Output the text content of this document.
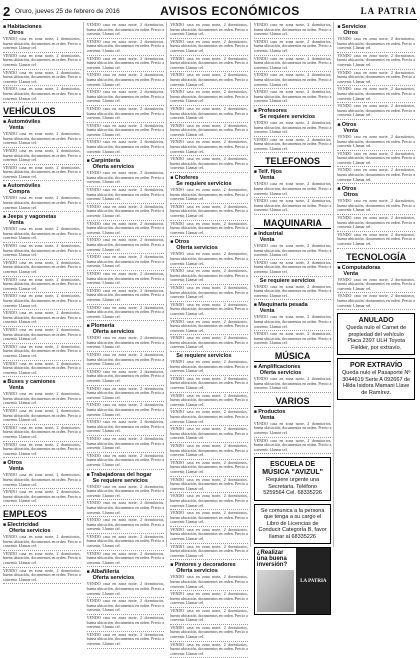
2 Oruro, jueves 25 de febrero de 2016	AVISOS ECONÓMICOS	LA PATRIA
■ Habitaciones
Otros
VENDO casa en zona norte, 2 dormitorios, buena ubicación, documentos en orden. Precio a convenir. Llamar cel.
VENDO casa en zona norte, 2 dormitorios, buena ubicación, documentos en orden. Precio a convenir. Llamar cel.
VENDO casa en zona norte, 2 dormitorios, buena ubicación, documentos en orden. Precio a convenir. Llamar cel.
VENDO casa en zona norte, 2 dormitorios, buena ubicación, documentos en orden. Precio a convenir. Llamar cel.
VEHÍCULOS
■ Automóviles
Venta
VENDO casa en zona norte, 2 dormitorios, buena ubicación, documentos en orden. Precio a convenir. Llamar cel.
VENDO casa en zona norte, 2 dormitorios, buena ubicación, documentos en orden. Precio a convenir. Llamar cel.
VENDO casa en zona norte, 2 dormitorios, buena ubicación, documentos en orden. Precio a convenir. Llamar cel.
■ Automóviles
Compra
VENDO casa en zona norte, 2 dormitorios, buena ubicación, documentos en orden. Precio a convenir. Llamar cel.
■ Jeeps y vagonetas
Venta
VENDO casa en zona norte, 2 dormitorios, buena ubicación, documentos en orden. Precio a convenir. Llamar cel.
VENDO casa en zona norte, 2 dormitorios, buena ubicación, documentos en orden. Precio a convenir. Llamar cel.
VENDO casa en zona norte, 2 dormitorios, buena ubicación, documentos en orden. Precio a convenir. Llamar cel.
VENDO casa en zona norte, 2 dormitorios, buena ubicación, documentos en orden. Precio a convenir. Llamar cel.
VENDO casa en zona norte, 2 dormitorios, buena ubicación, documentos en orden. Precio a convenir. Llamar cel.
VENDO casa en zona norte, 2 dormitorios, buena ubicación, documentos en orden. Precio a convenir. Llamar cel.
VENDO casa en zona norte, 2 dormitorios, buena ubicación, documentos en orden. Precio a convenir. Llamar cel.
VENDO casa en zona norte, 2 dormitorios, buena ubicación, documentos en orden. Precio a convenir. Llamar cel.
VENDO casa en zona norte, 2 dormitorios, buena ubicación, documentos en orden. Precio a convenir. Llamar cel.
■ Buses y camiones
Venta
VENDO casa en zona norte, 2 dormitorios, buena ubicación, documentos en orden. Precio a convenir. Llamar cel.
VENDO casa en zona norte, 2 dormitorios, buena ubicación, documentos en orden. Precio a convenir. Llamar cel.
VENDO casa en zona norte, 2 dormitorios, buena ubicación, documentos en orden. Precio a convenir. Llamar cel.
VENDO casa en zona norte, 2 dormitorios, buena ubicación, documentos en orden. Precio a convenir. Llamar cel.
■ Otros
Venta
VENDO casa en zona norte, 2 dormitorios, buena ubicación, documentos en orden. Precio a convenir. Llamar cel.
VENDO casa en zona norte, 2 dormitorios, buena ubicación, documentos en orden. Precio a convenir. Llamar cel.
EMPLEOS
■ Electricidad
Oferta servicios
VENDO casa en zona norte, 2 dormitorios, buena ubicación, documentos en orden. Precio a convenir. Llamar cel.
VENDO casa en zona norte, 2 dormitorios, buena ubicación, documentos en orden. Precio a convenir. Llamar cel.
VENDO casa en zona norte, 2 dormitorios, buena ubicación, documentos en orden. Precio a convenir. Llamar cel.
VENDO casa en zona norte, 2 dormitorios, buena ubicación, documentos en orden. Precio a convenir. Llamar cel.
VENDO casa en zona norte, 2 dormitorios, buena ubicación, documentos en orden. Precio a convenir. Llamar cel.
VENDO casa en zona norte, 2 dormitorios, buena ubicación, documentos en orden. Precio a convenir. Llamar cel.
VENDO casa en zona norte, 2 dormitorios, buena ubicación, documentos en orden. Precio a convenir. Llamar cel.
VENDO casa en zona norte, 2 dormitorios, buena ubicación, documentos en orden. Precio a convenir. Llamar cel.
VENDO casa en zona norte, 2 dormitorios, buena ubicación, documentos en orden. Precio a convenir. Llamar cel.
VENDO casa en zona norte, 2 dormitorios, buena ubicación, documentos en orden. Precio a convenir. Llamar cel.
VENDO casa en zona norte, 2 dormitorios, buena ubicación, documentos en orden. Precio a convenir. Llamar cel.
■ Carpintería
Oferta servicios
VENDO casa en zona norte, 2 dormitorios, buena ubicación, documentos en orden. Precio a convenir. Llamar cel.
VENDO casa en zona norte, 2 dormitorios, buena ubicación, documentos en orden. Precio a convenir. Llamar cel.
VENDO casa en zona norte, 2 dormitorios, buena ubicación, documentos en orden. Precio a convenir. Llamar cel.
VENDO casa en zona norte, 2 dormitorios, buena ubicación, documentos en orden. Precio a convenir. Llamar cel.
VENDO casa en zona norte, 2 dormitorios, buena ubicación, documentos en orden. Precio a convenir. Llamar cel.
VENDO casa en zona norte, 2 dormitorios, buena ubicación, documentos en orden. Precio a convenir. Llamar cel.
VENDO casa en zona norte, 2 dormitorios, buena ubicación, documentos en orden. Precio a convenir. Llamar cel.
VENDO casa en zona norte, 2 dormitorios, buena ubicación, documentos en orden. Precio a convenir. Llamar cel.
VENDO casa en zona norte, 2 dormitorios, buena ubicación, documentos en orden. Precio a convenir. Llamar cel.
■ Plomería
Oferta servicios
VENDO casa en zona norte, 2 dormitorios, buena ubicación, documentos en orden. Precio a convenir. Llamar cel.
VENDO casa en zona norte, 2 dormitorios, buena ubicación, documentos en orden. Precio a convenir. Llamar cel.
VENDO casa en zona norte, 2 dormitorios, buena ubicación, documentos en orden. Precio a convenir. Llamar cel.
VENDO casa en zona norte, 2 dormitorios, buena ubicación, documentos en orden. Precio a convenir. Llamar cel.
VENDO casa en zona norte, 2 dormitorios, buena ubicación, documentos en orden. Precio a convenir. Llamar cel.
VENDO casa en zona norte, 2 dormitorios, buena ubicación, documentos en orden. Precio a convenir. Llamar cel.
VENDO casa en zona norte, 2 dormitorios, buena ubicación, documentos en orden. Precio a convenir. Llamar cel.
VENDO casa en zona norte, 2 dormitorios, buena ubicación, documentos en orden. Precio a convenir. Llamar cel.
■ Trabajadoras del hogar
Se requiere servicios
VENDO casa en zona norte, 2 dormitorios, buena ubicación, documentos en orden. Precio a convenir. Llamar cel.
VENDO casa en zona norte, 2 dormitorios, buena ubicación, documentos en orden. Precio a convenir. Llamar cel.
VENDO casa en zona norte, 2 dormitorios, buena ubicación, documentos en orden. Precio a convenir. Llamar cel.
VENDO casa en zona norte, 2 dormitorios, buena ubicación, documentos en orden. Precio a convenir. Llamar cel.
VENDO casa en zona norte, 2 dormitorios, buena ubicación, documentos en orden. Precio a convenir. Llamar cel.
■ Albañilería
Oferta servicios
VENDO casa en zona norte, 2 dormitorios, buena ubicación, documentos en orden. Precio a convenir. Llamar cel.
VENDO casa en zona norte, 2 dormitorios, buena ubicación, documentos en orden. Precio a convenir. Llamar cel.
VENDO casa en zona norte, 2 dormitorios, buena ubicación, documentos en orden. Precio a convenir. Llamar cel.
VENDO casa en zona norte, 2 dormitorios, buena ubicación, documentos en orden. Precio a convenir. Llamar cel.
VENDO casa en zona norte, 2 dormitorios, buena ubicación, documentos en orden. Precio a convenir. Llamar cel.
VENDO casa en zona norte, 2 dormitorios, buena ubicación, documentos en orden. Precio a convenir. Llamar cel.
VENDO casa en zona norte, 2 dormitorios, buena ubicación, documentos en orden. Precio a convenir. Llamar cel.
VENDO casa en zona norte, 2 dormitorios, buena ubicación, documentos en orden. Precio a convenir. Llamar cel.
VENDO casa en zona norte, 2 dormitorios, buena ubicación, documentos en orden. Precio a convenir. Llamar cel.
VENDO casa en zona norte, 2 dormitorios, buena ubicación, documentos en orden. Precio a convenir. Llamar cel.
VENDO casa en zona norte, 2 dormitorios, buena ubicación, documentos en orden. Precio a convenir. Llamar cel.
VENDO casa en zona norte, 2 dormitorios, buena ubicación, documentos en orden. Precio a convenir. Llamar cel.
VENDO casa en zona norte, 2 dormitorios, buena ubicación, documentos en orden. Precio a convenir. Llamar cel.
■ Choferes
Se requiere servicios
VENDO casa en zona norte, 2 dormitorios, buena ubicación, documentos en orden. Precio a convenir. Llamar cel.
VENDO casa en zona norte, 2 dormitorios, buena ubicación, documentos en orden. Precio a convenir. Llamar cel.
VENDO casa en zona norte, 2 dormitorios, buena ubicación, documentos en orden. Precio a convenir. Llamar cel.
■ Otros
Oferta servicios
VENDO casa en zona norte, 2 dormitorios, buena ubicación, documentos en orden. Precio a convenir. Llamar cel.
VENDO casa en zona norte, 2 dormitorios, buena ubicación, documentos en orden. Precio a convenir. Llamar cel.
VENDO casa en zona norte, 2 dormitorios, buena ubicación, documentos en orden. Precio a convenir. Llamar cel.
VENDO casa en zona norte, 2 dormitorios, buena ubicación, documentos en orden. Precio a convenir. Llamar cel.
VENDO casa en zona norte, 2 dormitorios, buena ubicación, documentos en orden. Precio a convenir. Llamar cel.
VENDO casa en zona norte, 2 dormitorios, buena ubicación, documentos en orden. Precio a convenir. Llamar cel.
Se requiere servicios
VENDO casa en zona norte, 2 dormitorios, buena ubicación, documentos en orden. Precio a convenir. Llamar cel.
VENDO casa en zona norte, 2 dormitorios, buena ubicación, documentos en orden. Precio a convenir. Llamar cel.
VENDO casa en zona norte, 2 dormitorios, buena ubicación, documentos en orden. Precio a convenir. Llamar cel.
VENDO casa en zona norte, 2 dormitorios, buena ubicación, documentos en orden. Precio a convenir. Llamar cel.
VENDO casa en zona norte, 2 dormitorios, buena ubicación, documentos en orden. Precio a convenir. Llamar cel.
VENDO casa en zona norte, 2 dormitorios, buena ubicación, documentos en orden. Precio a convenir. Llamar cel.
VENDO casa en zona norte, 2 dormitorios, buena ubicación, documentos en orden. Precio a convenir. Llamar cel.
VENDO casa en zona norte, 2 dormitorios, buena ubicación, documentos en orden. Precio a convenir. Llamar cel.
VENDO casa en zona norte, 2 dormitorios, buena ubicación, documentos en orden. Precio a convenir. Llamar cel.
VENDO casa en zona norte, 2 dormitorios, buena ubicación, documentos en orden. Precio a convenir. Llamar cel.
VENDO casa en zona norte, 2 dormitorios, buena ubicación, documentos en orden. Precio a convenir. Llamar cel.
VENDO casa en zona norte, 2 dormitorios, buena ubicación, documentos en orden. Precio a convenir. Llamar cel.
■ Pintores y decoradores
Oferta servicios
VENDO casa en zona norte, 2 dormitorios, buena ubicación, documentos en orden. Precio a convenir. Llamar cel.
VENDO casa en zona norte, 2 dormitorios, buena ubicación, documentos en orden. Precio a convenir. Llamar cel.
VENDO casa en zona norte, 2 dormitorios, buena ubicación, documentos en orden. Precio a convenir. Llamar cel.
VENDO casa en zona norte, 2 dormitorios, buena ubicación, documentos en orden. Precio a convenir. Llamar cel.
VENDO casa en zona norte, 2 dormitorios, buena ubicación, documentos en orden. Precio a convenir. Llamar cel.
VENDO casa en zona norte, 2 dormitorios, buena ubicación, documentos en orden. Precio a convenir. Llamar cel.
VENDO casa en zona norte, 2 dormitorios, buena ubicación, documentos en orden. Precio a convenir. Llamar cel.
VENDO casa en zona norte, 2 dormitorios, buena ubicación, documentos en orden. Precio a convenir. Llamar cel.
VENDO casa en zona norte, 2 dormitorios, buena ubicación, documentos en orden. Precio a convenir. Llamar cel.
VENDO casa en zona norte, 2 dormitorios, buena ubicación, documentos en orden. Precio a convenir. Llamar cel.
■ Profesores
Se requiere servicios
VENDO casa en zona norte, 2 dormitorios, buena ubicación, documentos en orden. Precio a convenir. Llamar cel.
VENDO casa en zona norte, 2 dormitorios, buena ubicación, documentos en orden. Precio a convenir. Llamar cel.
TELEFONOS
■ Telf. fijos
Venta
VENDO casa en zona norte, 2 dormitorios, buena ubicación, documentos en orden. Precio a convenir. Llamar cel.
VENDO casa en zona norte, 2 dormitorios, buena ubicación, documentos en orden. Precio a convenir. Llamar cel.
MAQUINARIA
■ Industrial
Venta
VENDO casa en zona norte, 2 dormitorios, buena ubicación, documentos en orden. Precio a convenir. Llamar cel.
VENDO casa en zona norte, 2 dormitorios, buena ubicación, documentos en orden. Precio a convenir. Llamar cel.
Se requiere servicios
VENDO casa en zona norte, 2 dormitorios, buena ubicación, documentos en orden. Precio a convenir. Llamar cel.
■ Maquinaria pesada
Venta
VENDO casa en zona norte, 2 dormitorios, buena ubicación, documentos en orden. Precio a convenir. Llamar cel.
VENDO casa en zona norte, 2 dormitorios, buena ubicación, documentos en orden. Precio a convenir. Llamar cel.
MÚSICA
■ Amplificaciones
Oferta servicios
VENDO casa en zona norte, 2 dormitorios, buena ubicación, documentos en orden. Precio a convenir. Llamar cel.
VARIOS
■ Productos
Venta
VENDO casa en zona norte, 2 dormitorios, buena ubicación, documentos en orden. Precio a convenir. Llamar cel.
VENDO casa en zona norte, 2 dormitorios, buena ubicación, documentos en orden. Precio a convenir. Llamar cel.
ESCUELA DE MÚSICA "AVIZUL"
Requiere urgente una Secretaria. Teléfono 5259564 Cel. 68335226
Se comunica a la persona que tenga a su cargo el Libro de Licencias de Conducir Categoría B, favor llamar al 68335226
¿Realizar una buena inversión?
LA PATRIA
■ Servicios
Otros
VENDO casa en zona norte, 2 dormitorios, buena ubicación, documentos en orden. Precio a convenir. Llamar cel.
VENDO casa en zona norte, 2 dormitorios, buena ubicación, documentos en orden. Precio a convenir. Llamar cel.
VENDO casa en zona norte, 2 dormitorios, buena ubicación, documentos en orden. Precio a convenir. Llamar cel.
VENDO casa en zona norte, 2 dormitorios, buena ubicación, documentos en orden. Precio a convenir. Llamar cel.
VENDO casa en zona norte, 2 dormitorios, buena ubicación, documentos en orden. Precio a convenir. Llamar cel.
■ Otros
Venta
VENDO casa en zona norte, 2 dormitorios, buena ubicación, documentos en orden. Precio a convenir. Llamar cel.
VENDO casa en zona norte, 2 dormitorios, buena ubicación, documentos en orden. Precio a convenir. Llamar cel.
VENDO casa en zona norte, 2 dormitorios, buena ubicación, documentos en orden. Precio a convenir. Llamar cel.
■ Otros
Otros
VENDO casa en zona norte, 2 dormitorios, buena ubicación, documentos en orden. Precio a convenir. Llamar cel.
VENDO casa en zona norte, 2 dormitorios, buena ubicación, documentos en orden. Precio a convenir. Llamar cel.
VENDO casa en zona norte, 2 dormitorios, buena ubicación, documentos en orden. Precio a convenir. Llamar cel.
TECNOLOGÍA
■ Computadoras
Venta
VENDO casa en zona norte, 2 dormitorios, buena ubicación, documentos en orden. Precio a convenir. Llamar cel.
VENDO casa en zona norte, 2 dormitorios, buena ubicación, documentos en orden. Precio a convenir. Llamar cel.
ANULADO
Queda nulo el Carnet de propiedad del vehículo Placa 2397 ULH Toyota Fielder, por extravío.
POR EXTRAVÍO
Queda nulo el Pasaporte Nº 3044619 Serie A 092667 de Hilda Isidora Mamani Llave de Ramírez.
